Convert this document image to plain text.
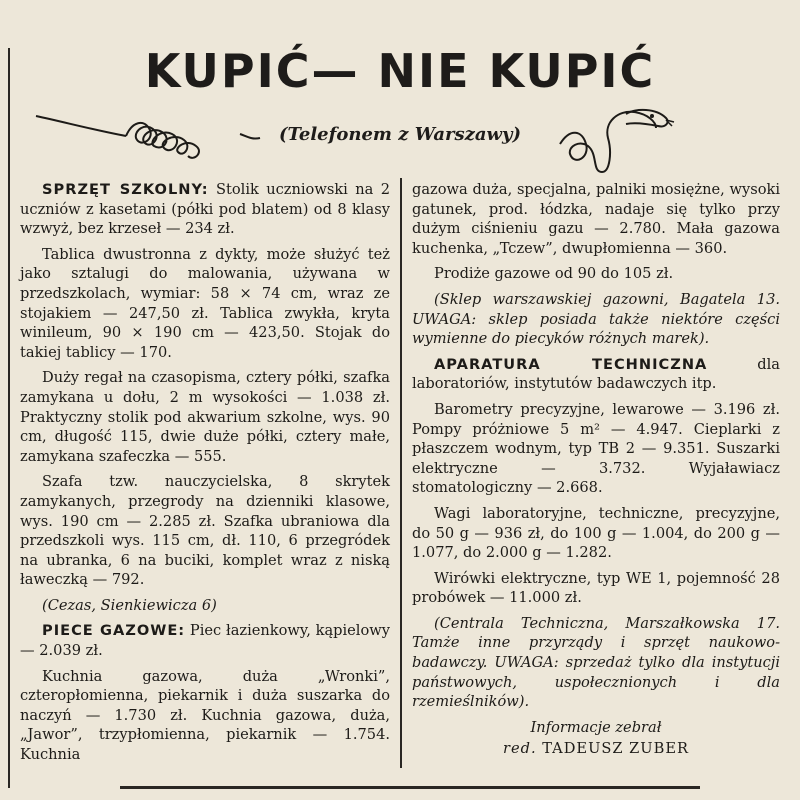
KUPIĆ— NIE KUPIĆ
(Telefonem z Warszawy)

SPRZĘT SZKOLNY: Stolik uczniowski na 2 uczniów z kasetami (półki pod blatem) od 8 klasy wzwyż, bez krzeseł — 234 zł.

Tablica dwustronna z dykty, może służyć też jako sztalugi do malowania, używana w przedszkolach, wymiar: 58 × 74 cm, wraz ze stojakiem — 247,50 zł. Tablica zwykła, kryta winileum, 90 × 190 cm — 423,50. Stojak do takiej tablicy — 170.

Duży regał na czasopisma, cztery półki, szafka zamykana u dołu, 2 m wysokości — 1.038 zł. Praktyczny stolik pod akwarium szkolne, wys. 90 cm, długość 115, dwie duże półki, cztery małe, zamykana szafeczka — 555.

Szafa tzw. nauczycielska, 8 skrytek zamykanych, przegrody na dzienniki klasowe, wys. 190 cm — 2.285 zł. Szafka ubraniowa dla przedszkoli wys. 115 cm, dł. 110, 6 przegródek na ubranka, 6 na buciki, komplet wraz z niską ławeczką — 792.

(Cezas, Sienkiewicza 6)

PIECE GAZOWE: Piec łazienkowy, kąpielowy — 2.039 zł.

Kuchnia gazowa, duża „Wronki”, czteropłomienna, piekarnik i duża suszarka do naczyń — 1.730 zł. Kuchnia gazowa, duża, „Jawor”, trzypłomienna, piekarnik — 1.754. Kuchnia

gazowa duża, specjalna, palniki mosiężne, wysoki gatunek, prod. łódzka, nadaje się tylko przy dużym ciśnieniu gazu — 2.780. Mała gazowa kuchenka, „Tczew”, dwupłomienna — 360.

Prodiże gazowe od 90 do 105 zł.

(Sklep warszawskiej gazowni, Bagatela 13. UWAGA: sklep posiada także niektóre części wymienne do piecyków różnych marek).

APARATURA TECHNICZNA	dla laboratoriów, instytutów badawczych itp.

Barometry precyzyjne, lewarowe — 3.196 zł. Pompy próżniowe 5 m² — 4.947. Cieplarki z płaszczem wodnym, typ TB 2 — 9.351. Suszarki elektryczne — 3.732. Wyjaławiacz stomatologiczny — 2.668.

Wagi laboratoryjne, techniczne, precyzyjne, do 50 g — 936 zł, do 100 g — 1.004, do 200 g — 1.077, do 2.000 g — 1.282.

Wirówki elektryczne, typ WE 1, pojemność 28 probówek — 11.000 zł.

(Centrala Techniczna, Marszałkowska 17. Tamże inne przyrządy i sprzęt naukowo-badawczy. UWAGA: sprzedaż tylko dla instytucji państwowych, uspołecznionych i dla rzemieślników).

Informacje zebrał

red. TADEUSZ ZUBER
